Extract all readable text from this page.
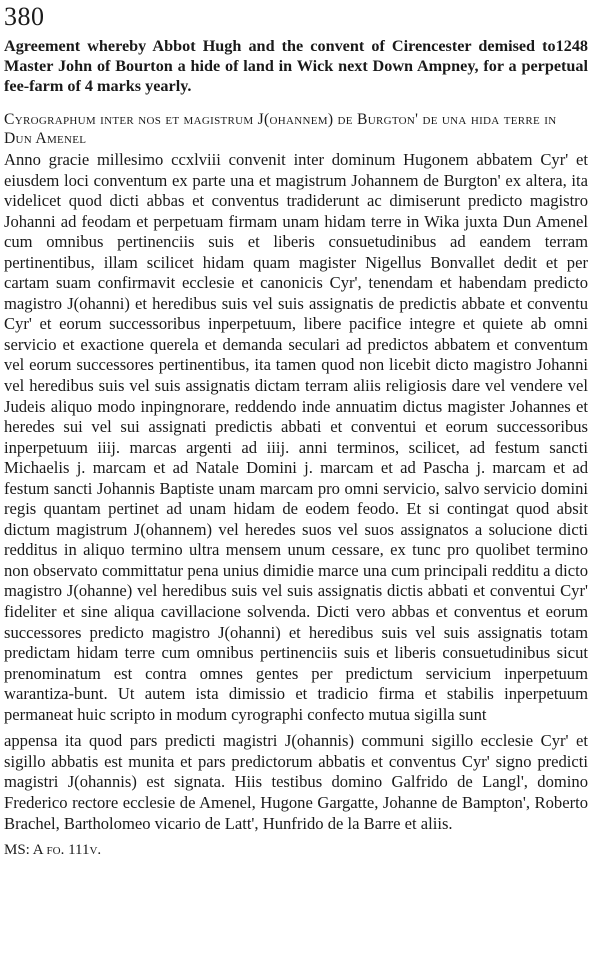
380

1248
Agreement whereby Abbot Hugh and the convent of Cirencester demised to Master John of Bourton a hide of land in Wick next Down Ampney, for a perpetual fee-farm of 4 marks yearly.

Cyrographum inter nos et magistrum J(ohannem) de Burgton' de una hida terre in Dun Amenel

Anno gracie millesimo ccxlviii convenit inter dominum Hugonem abbatem Cyr' et eiusdem loci conventum ex parte una et magistrum Johannem de Burgton' ex altera, ita videlicet quod dicti abbas et conventus tradiderunt ac dimiserunt predicto magistro Johanni ad feodam et perpetuam firmam unam hidam terre in Wika juxta Dun Amenel cum omnibus pertinenciis suis et liberis consuetudinibus ad eandem terram pertinentibus, illam scilicet hidam quam magister Nigellus Bonvallet dedit et per cartam suam confirmavit ecclesie et canonicis Cyr', tenendam et habendam predicto magistro J(ohanni) et heredibus suis vel suis assignatis de predictis abbate et conventu Cyr' et eorum successoribus inperpetuum, libere pacifice integre et quiete ab omni servicio et exactione querela et demanda seculari ad predictos abbatem et conventum vel eorum successores pertinentibus, ita tamen quod non licebit dicto magistro Johanni vel heredibus suis vel suis assignatis dictam terram aliis religiosis dare vel vendere vel Judeis aliquo modo inpingnorare, reddendo inde annuatim dictus magister Johannes et heredes sui vel sui assignati predictis abbati et conventui et eorum successoribus inperpetuum iiij. marcas argenti ad iiij. anni terminos, scilicet, ad festum sancti Michaelis j. marcam et ad Natale Domini j. marcam et ad Pascha j. marcam et ad festum sancti Johannis Baptiste unam marcam pro omni servicio, salvo servicio domini regis quantam pertinet ad unam hidam de eodem feodo. Et si contingat quod absit dictum magistrum J(ohannem) vel heredes suos vel suos assignatos a solucione dicti redditus in aliquo termino ultra mensem unum cessare, ex tunc pro quolibet termino non observato committatur pena unius dimidie marce una cum principali redditu a dicto magistro J(ohanne) vel heredibus suis vel suis assignatis dictis abbati et conventui Cyr' fideliter et sine aliqua cavillacione solvenda. Dicti vero abbas et conventus et eorum successores predicto magistro J(ohanni) et heredibus suis vel suis assignatis totam predictam hidam terre cum omnibus pertinenciis suis et liberis consuetudinibus sicut prenominatum est contra omnes gentes per predictum servicium inperpetuum warantiza-bunt. Ut autem ista dimissio et tradicio firma et stabilis inperpetuum permaneat huic scripto in modum cyrographi confecto mutua sigilla sunt

appensa ita quod pars predicti magistri J(ohannis) communi sigillo ecclesie Cyr' et sigillo abbatis est munita et pars predictorum abbatis et conventus Cyr' signo predicti magistri J(ohannis) est signata. Hiis testibus domino Galfrido de Langl', domino Frederico rectore ecclesie de Amenel, Hugone Gargatte, Johanne de Bampton', Roberto Brachel, Bartholomeo vicario de Latt', Hunfrido de la Barre et aliis.

MS: A fo. 111v.
